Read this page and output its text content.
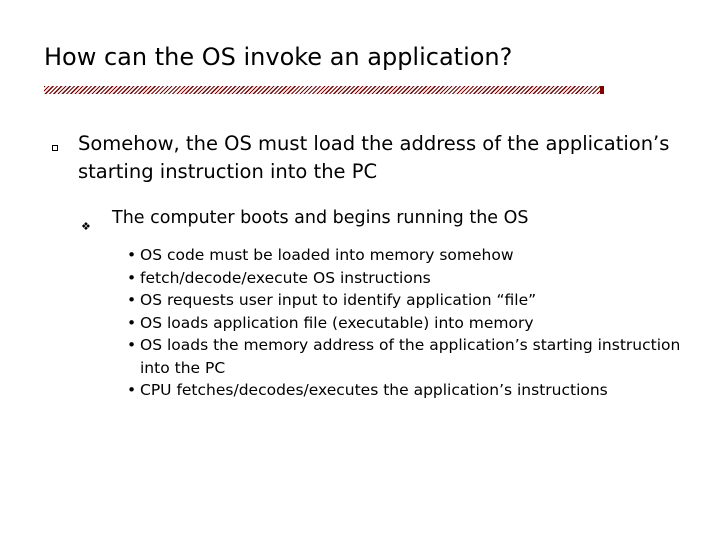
How can the OS invoke an application?
Somehow, the OS must load the address of the application’s starting instruction into the PC
❖ The computer boots and begins running the OS
• OS code must be loaded into memory somehow
• fetch/decode/execute OS instructions
• OS requests user input to identify application “file”
• OS loads application file (executable) into memory
• OS loads the memory address of the application’s starting instruction into the PC
• CPU fetches/decodes/executes the application’s instructions
